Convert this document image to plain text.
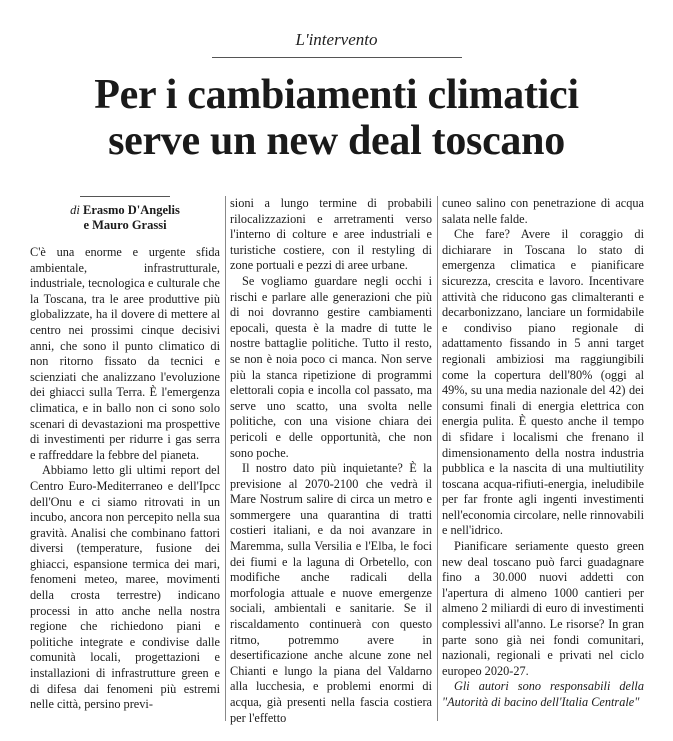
L'intervento
Per i cambiamenti climatici
serve un new deal toscano
di Erasmo D'Angelis
e Mauro Grassi

C'è una enorme e urgente sfida ambientale, infrastrutturale, industriale, tecnologica e culturale che la Toscana, tra le aree produttive più globalizzate, ha il dovere di mettere al centro nei prossimi cinque decisivi anni, che sono il punto climatico di non ritorno fissato da tecnici e scienziati che analizzano l'evoluzione dei ghiacci sulla Terra. È l'emergenza climatica, e in ballo non ci sono solo scenari di devastazioni ma prospettive di investimenti per ridurre i gas serra e raffreddare la febbre del pianeta.

Abbiamo letto gli ultimi report del Centro Euro-Mediterraneo e dell'Ipcc dell'Onu e ci siamo ritrovati in un incubo, ancora non percepito nella sua gravità. Analisi che combinano fattori diversi (temperature, fusione dei ghiacci, espansione termica dei mari, fenomeni meteo, maree, movimenti della crosta terrestre) indicano processi in atto anche nella nostra regione che richiedono piani e politiche integrate e condivise dalle comunità locali, progettazioni e installazioni di infrastrutture green e di difesa dai fenomeni più estremi nelle città, persino previ-

sioni a lungo termine di probabili rilocalizzazioni e arretramenti verso l'interno di colture e aree industriali e turistiche costiere, con il restyling di zone portuali e pezzi di aree urbane.

Se vogliamo guardare negli occhi i rischi e parlare alle generazioni che più di noi dovranno gestire cambiamenti epocali, questa è la madre di tutte le nostre battaglie politiche. Tutto il resto, se non è noia poco ci manca. Non serve più la stanca ripetizione di programmi elettorali copia e incolla col passato, ma serve uno scatto, una svolta nelle politiche, con una visione chiara dei pericoli e delle opportunità, che non sono poche.

Il nostro dato più inquietante? È la previsione al 2070-2100 che vedrà il Mare Nostrum salire di circa un metro e sommergere una quarantina di tratti costieri italiani, e da noi avanzare in Maremma, sulla Versilia e l'Elba, le foci dei fiumi e la laguna di Orbetello, con modifiche anche radicali della morfologia attuale e nuove emergenze sociali, ambientali e sanitarie. Se il riscaldamento continuerà con questo ritmo, potremmo avere in desertificazione anche alcune zone nel Chianti e lungo la piana del Valdarno alla lucchesia, e problemi enormi di acqua, già presenti nella fascia costiera per l'effetto

cuneo salino con penetrazione di acqua salata nelle falde.

Che fare? Avere il coraggio di dichiarare in Toscana lo stato di emergenza climatica e pianificare sicurezza, crescita e lavoro. Incentivare attività che riducono gas climalteranti e decarbonizzano, lanciare un formidabile e condiviso piano regionale di adattamento fissando in 5 anni target regionali ambiziosi ma raggiungibili come la copertura dell'80% (oggi al 49%, su una media nazionale del 42) dei consumi finali di energia elettrica con energia pulita. È questo anche il tempo di sfidare i localismi che frenano il dimensionamento della nostra industria pubblica e la nascita di una multiutility toscana acqua-rifiuti-energia, ineludibile per far fronte agli ingenti investimenti nell'economia circolare, nelle rinnovabili e nell'idrico.

Pianificare seriamente questo green new deal toscano può farci guadagnare fino a 30.000 nuovi addetti con l'apertura di almeno 1000 cantieri per almeno 2 miliardi di euro di investimenti complessivi all'anno. Le risorse? In gran parte sono già nei fondi comunitari, nazionali, regionali e privati nel ciclo europeo 2020-27.

Gli autori sono responsabili della "Autorità di bacino dell'Italia Centrale"
